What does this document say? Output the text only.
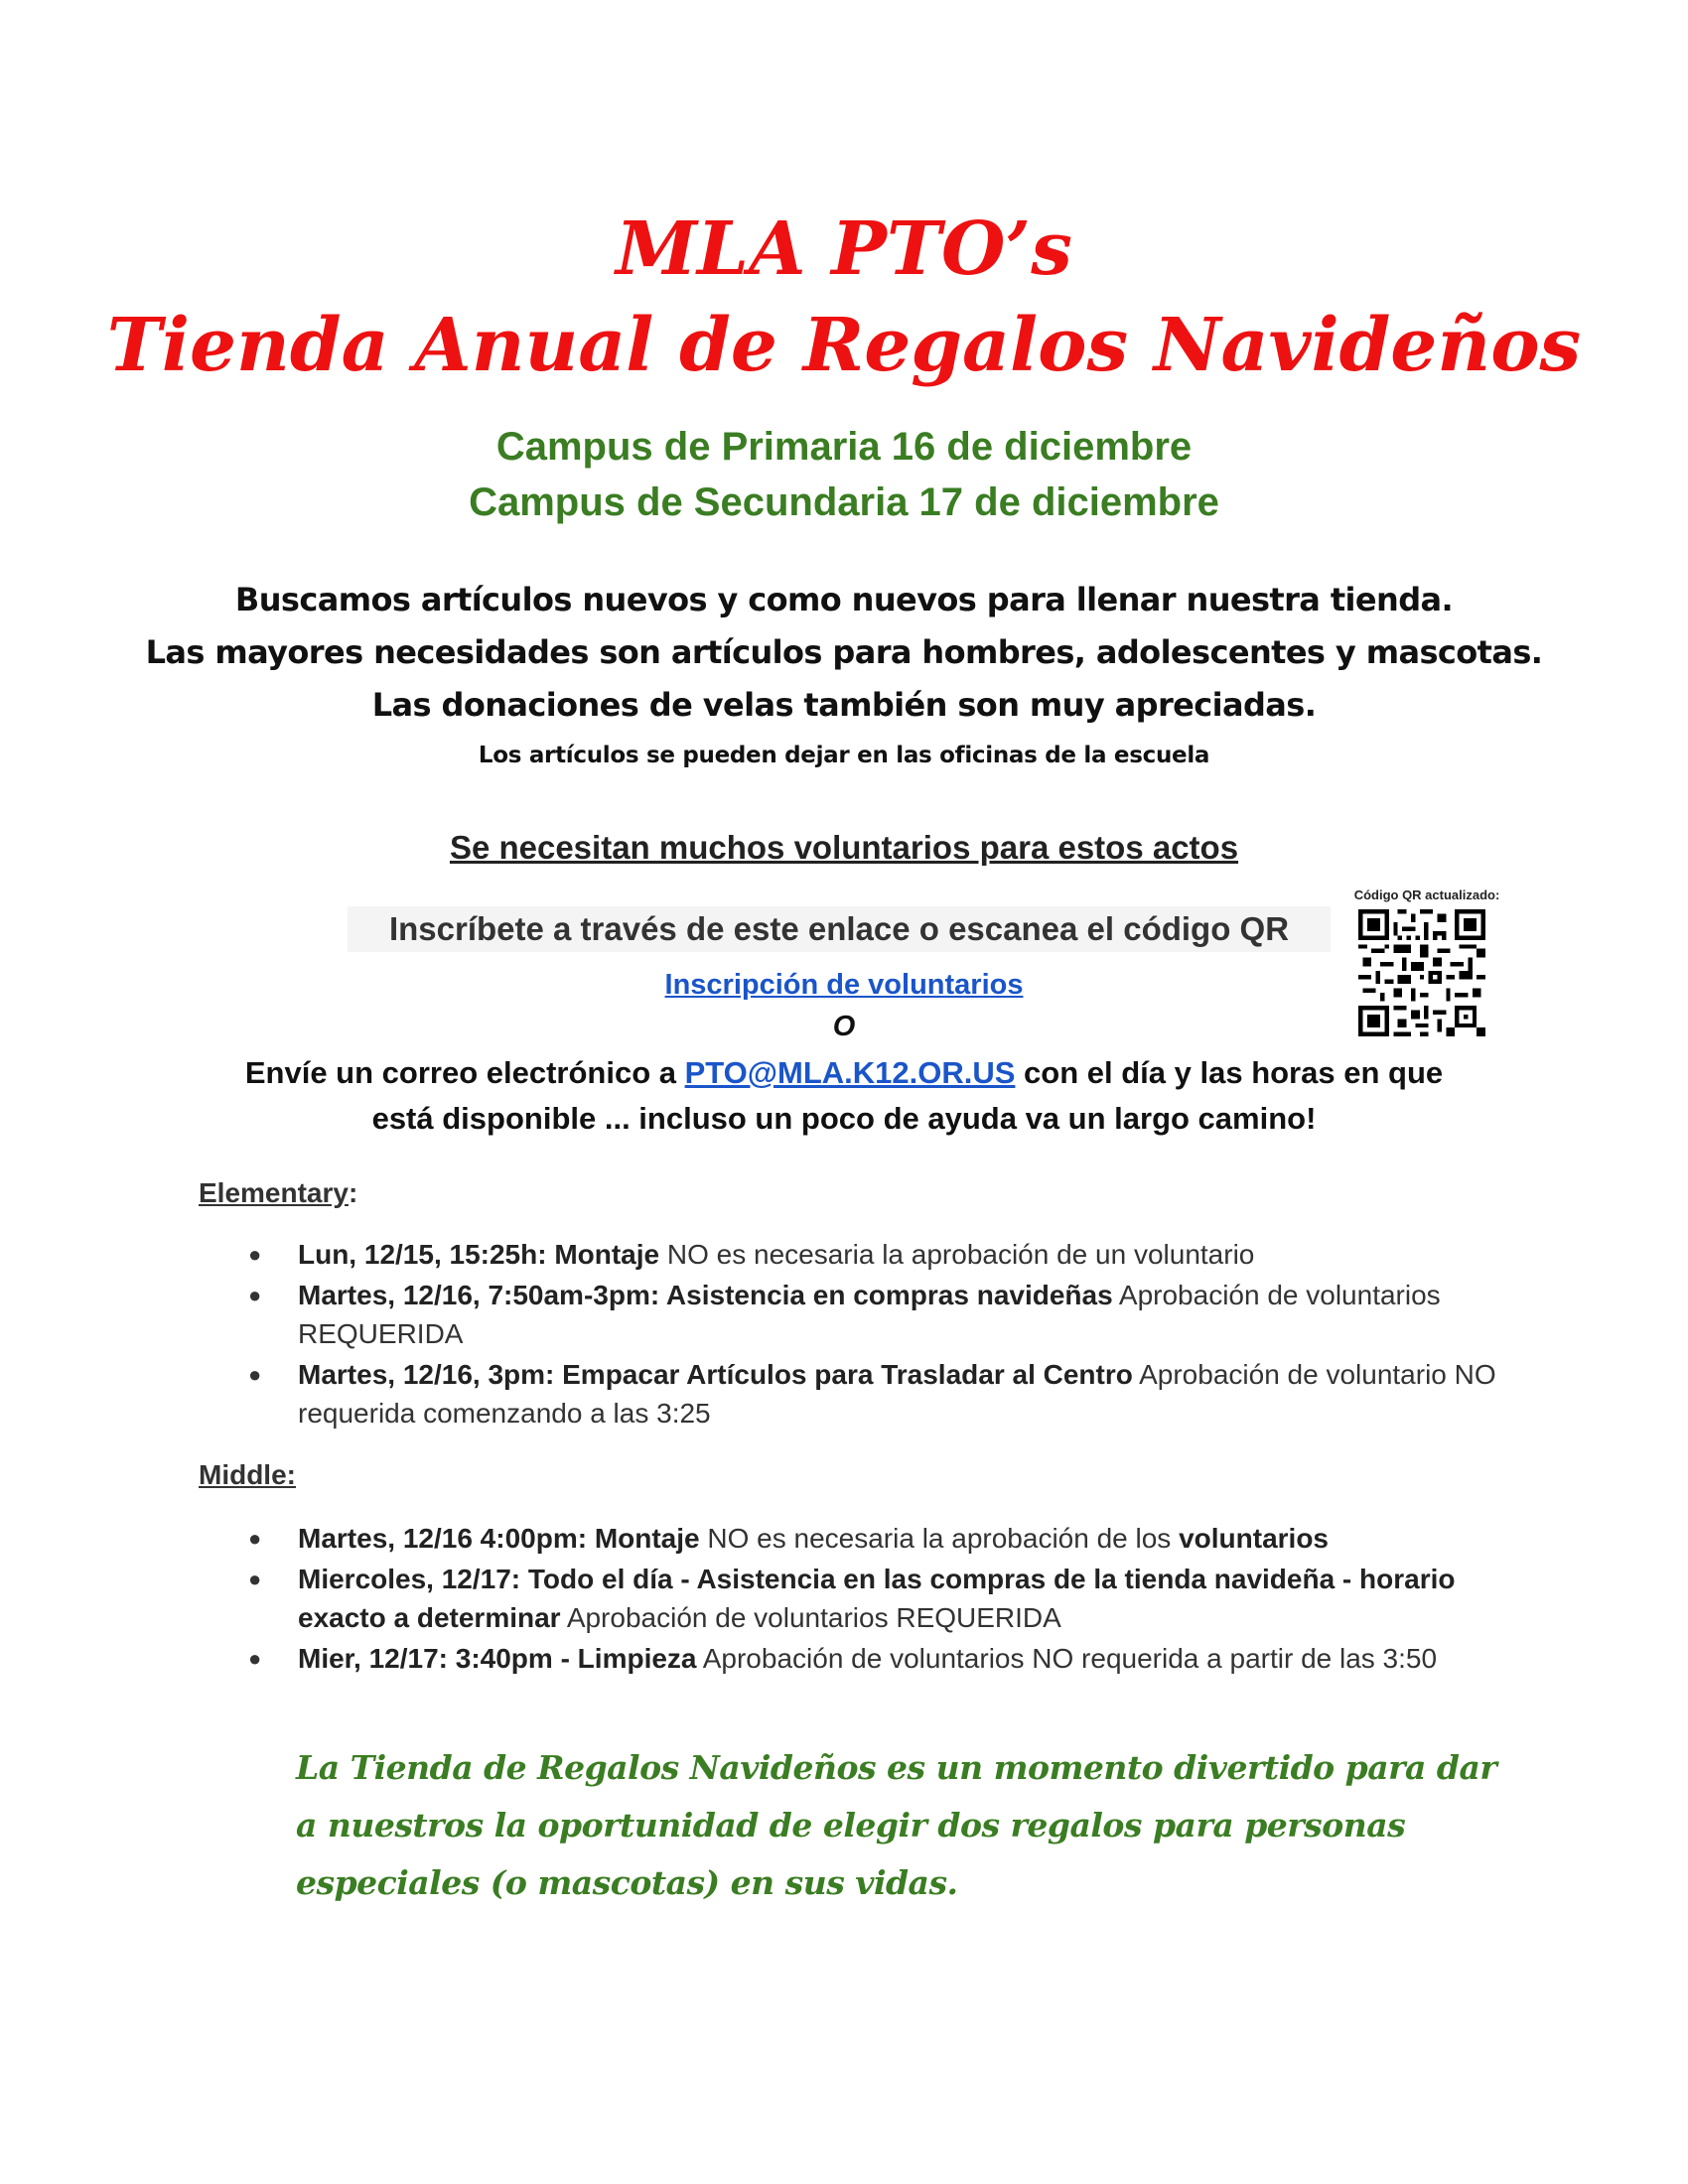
MLA PTO’s
Tienda Anual de Regalos Navideños

Campus de Primaria 16 de diciembre

Campus de Secundaria 17 de diciembre

Buscamos artículos nuevos y como nuevos para llenar nuestra tienda.

Las mayores necesidades son artículos para hombres, adolescentes y mascotas.

Las donaciones de velas también son muy apreciadas.

Los artículos se pueden dejar en las oficinas de la escuela

Se necesitan muchos voluntarios para estos actos
Código QR actualizado:
Inscríbete a través de este enlace o escanea el código QR
Inscripción de voluntarios
O
Envíe un correo electrónico a PTO@MLA.K12.OR.US con el día y las horas en que
está disponible ... incluso un poco de ayuda va un largo camino!
Elementary:
● Lun, 12/15, 15:25h: Montaje NO es necesaria la aprobación de un voluntario
● Martes, 12/16, 7:50am-3pm: Asistencia en compras navideñas Aprobación de voluntarios REQUERIDA
● Martes, 12/16, 3pm: Empacar Artículos para Trasladar al Centro Aprobación de voluntario NO requerida comenzando a las 3:25
Middle:
● Martes, 12/16 4:00pm: Montaje NO es necesaria la aprobación de los voluntarios
● Miercoles, 12/17: Todo el día - Asistencia en las compras de la tienda navideña - horario exacto a determinar Aprobación de voluntarios REQUERIDA
● Mier, 12/17: 3:40pm - Limpieza Aprobación de voluntarios NO requerida a partir de las 3:50
La Tienda de Regalos Navideños es un momento divertido para dar a nuestros la oportunidad de elegir dos regalos para personas especiales (o mascotas) en sus vidas.
